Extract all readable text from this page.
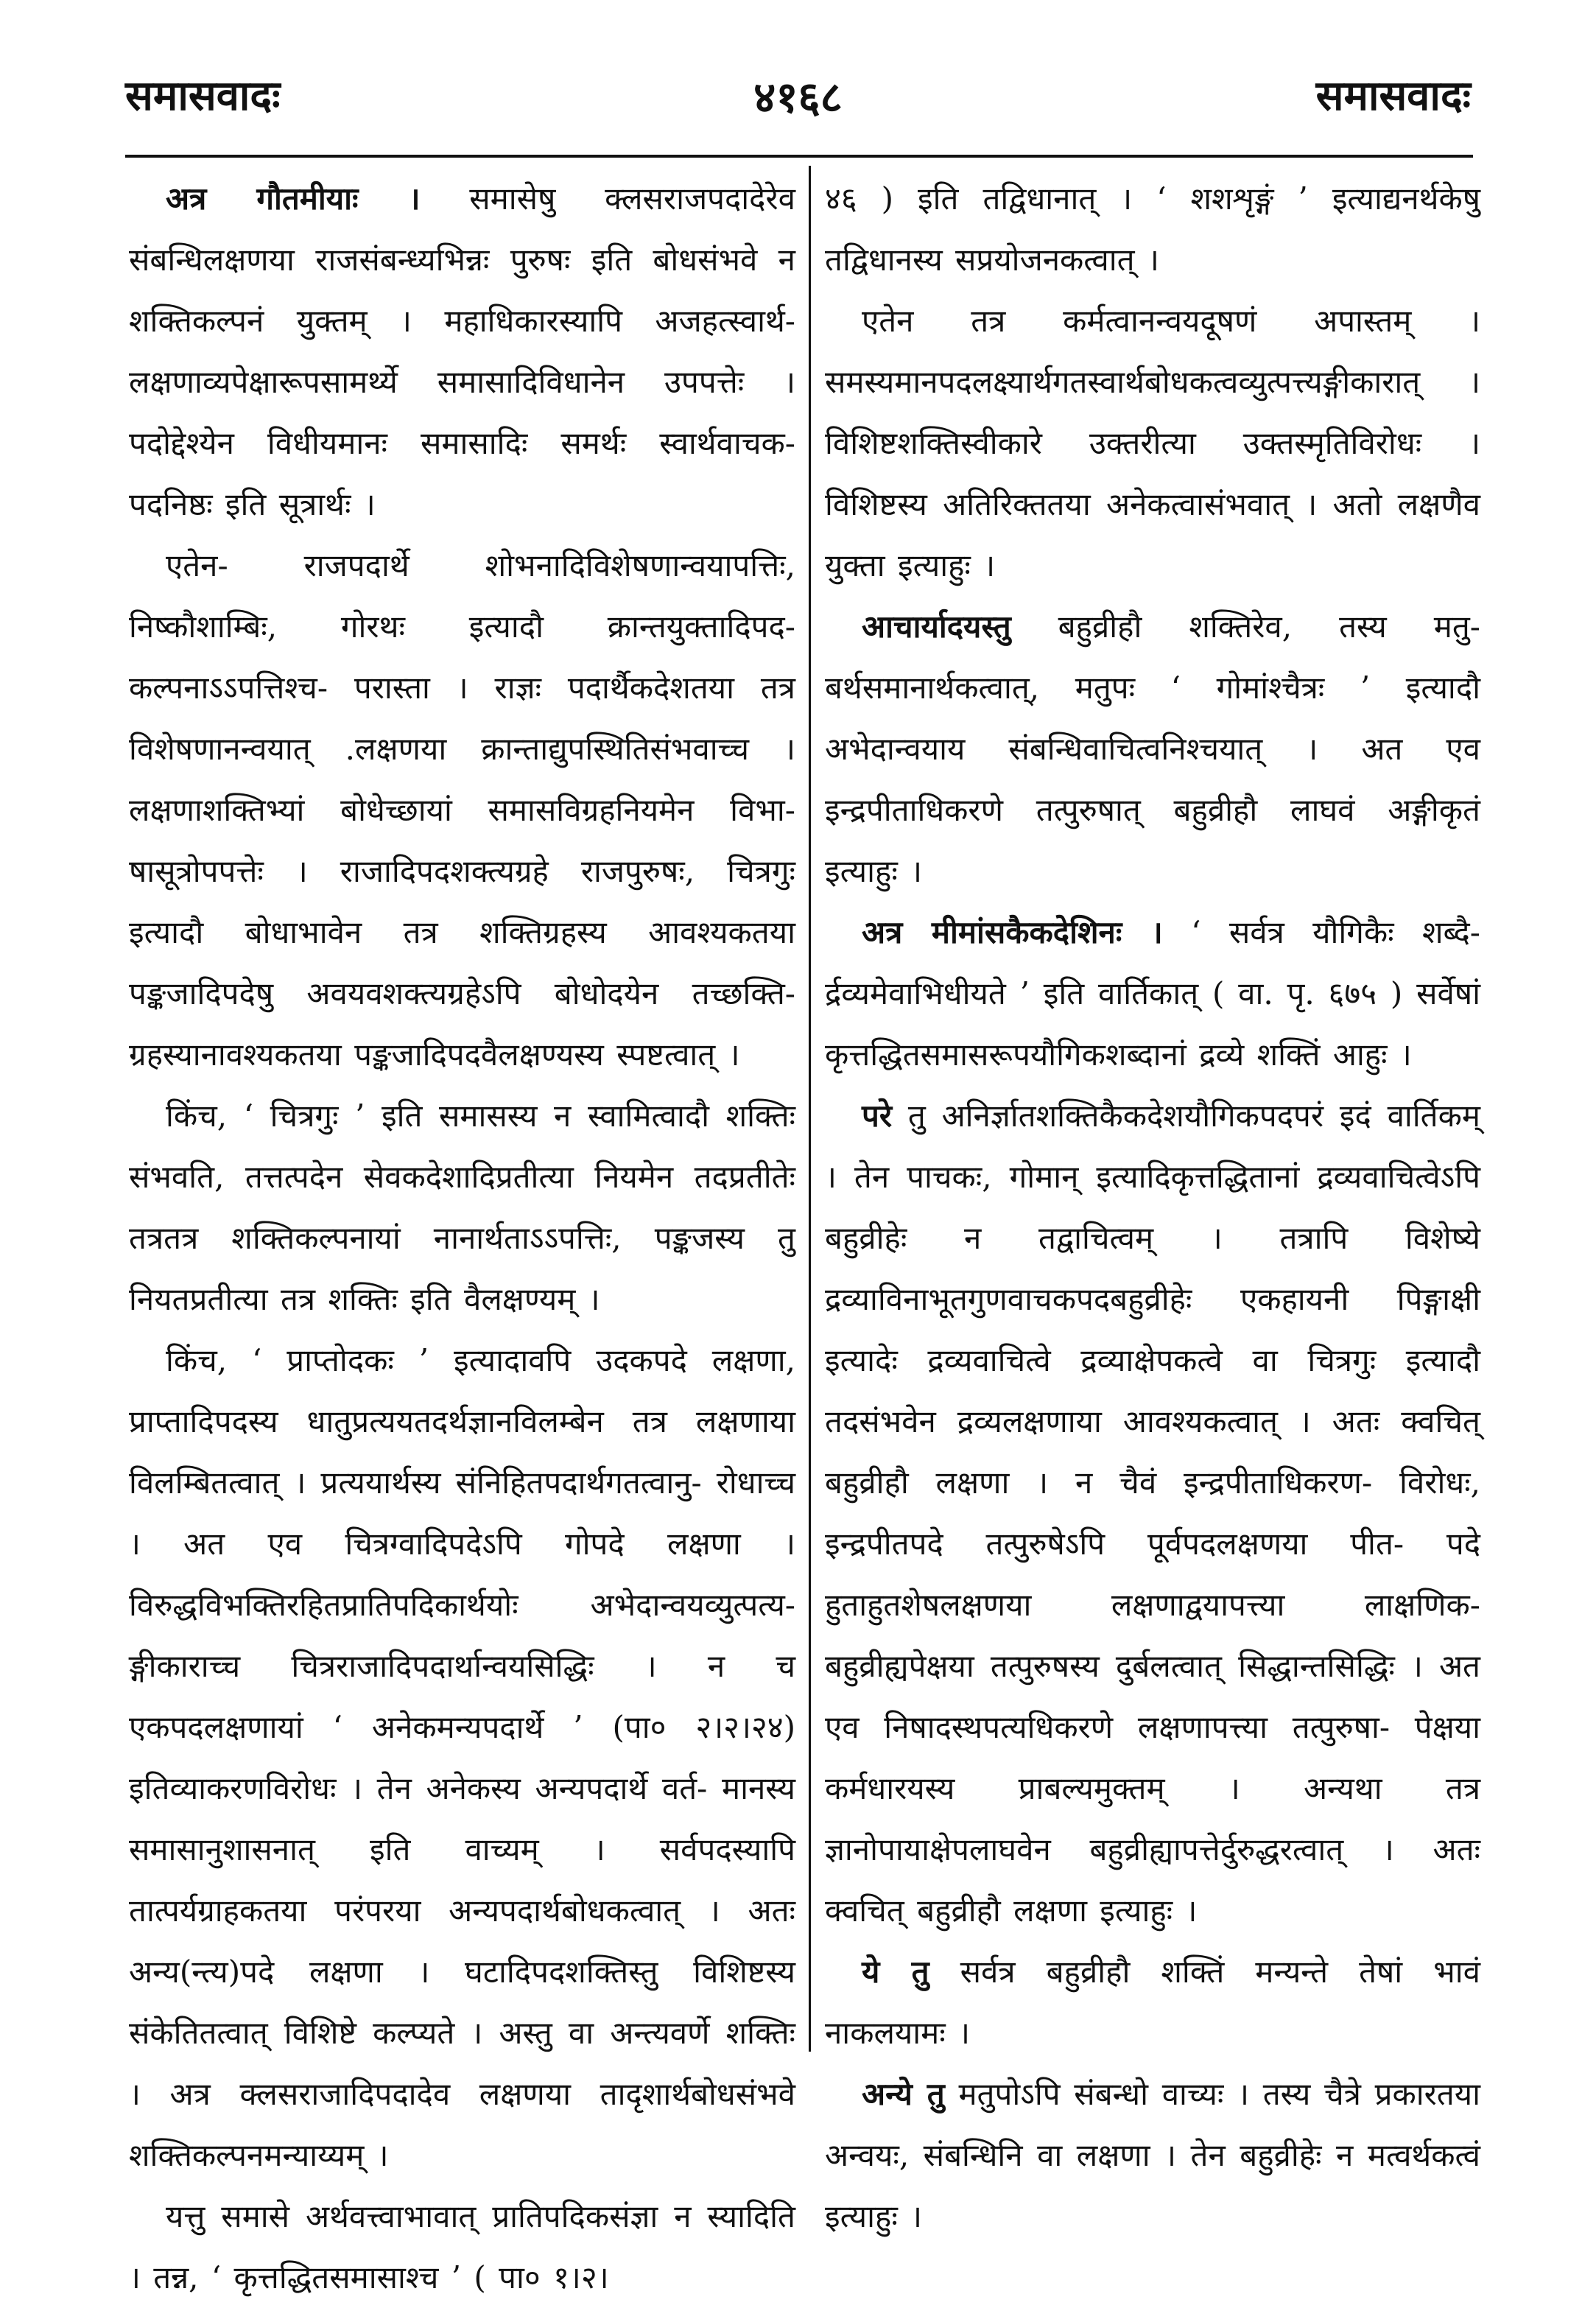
समासवादः	४१६८	समासवादः

अत्र गौतमीयाः । समासेषु क्लसराजपदादेरेव संबन्धिलक्षणया राजसंबन्ध्यभिन्नः पुरुषः इति बोधसंभवे न शक्तिकल्पनं युक्तम् । महाधिकारस्यापि अजहत्स्वार्थ- लक्षणाव्यपेक्षारूपसामर्थ्ये समासादिविधानेन उपपत्तेः । पदोद्देश्येन विधीयमानः समासादिः समर्थः स्वार्थवाचक- पदनिष्ठः इति सूत्रार्थः ।

एतेन- राजपदार्थे शोभनादिविशेषणान्वयापत्तिः, निष्कौशाम्बिः, गोरथः इत्यादौ क्रान्तयुक्तादिपद- कल्पनाऽऽपत्तिश्च- परास्ता । राज्ञः पदार्थैकदेशतया तत्र विशेषणानन्वयात् .लक्षणया क्रान्ताद्युपस्थितिसंभवाच्च । लक्षणाशक्तिभ्यां बोधेच्छायां समासविग्रहनियमेन विभा- षासूत्रोपपत्तेः । राजादिपदशक्त्यग्रहे राजपुरुषः, चित्रगुः इत्यादौ बोधाभावेन तत्र शक्तिग्रहस्य आवश्यकतया पङ्कजादिपदेषु अवयवशक्त्यग्रहेऽपि बोधोदयेन तच्छक्ति- ग्रहस्यानावश्यकतया पङ्कजादिपदवैलक्षण्यस्य स्पष्टत्वात् ।

किंच, ‘ चित्रगुः ’ इति समासस्य न स्वामित्वादौ शक्तिः संभवति, तत्तत्पदेन सेवकदेशादिप्रतीत्या नियमेन तदप्रतीतेः तत्रतत्र शक्तिकल्पनायां नानार्थताऽऽपत्तिः, पङ्कजस्य तु नियतप्रतीत्या तत्र शक्तिः इति वैलक्षण्यम् ।

किंच, ‘ प्राप्तोदकः ’ इत्यादावपि उदकपदे लक्षणा, प्राप्तादिपदस्य धातुप्रत्ययतदर्थज्ञानविलम्बेन तत्र लक्षणाया विलम्बितत्वात् । प्रत्ययार्थस्य संनिहितपदार्थगतत्वानु- रोधाच्च । अत एव चित्रग्वादिपदेऽपि गोपदे लक्षणा । विरुद्धविभक्तिरहितप्रातिपदिकार्थयोः अभेदान्वयव्युत्पत्य- ङ्गीकाराच्च चित्रराजादिपदार्थान्वयसिद्धिः । न च एकपदलक्षणायां ‘ अनेकमन्यपदार्थे ’ (पा० २।२।२४) इतिव्याकरणविरोधः । तेन अनेकस्य अन्यपदार्थे वर्त- मानस्य समासानुशासनात् इति वाच्यम् । सर्वपदस्यापि तात्पर्यग्राहकतया परंपरया अन्यपदार्थबोधकत्वात् । अतः अन्य(न्त्य)पदे लक्षणा । घटादिपदशक्तिस्तु विशिष्टस्य संकेतितत्वात् विशिष्टे कल्प्यते । अस्तु वा अन्त्यवर्णे शक्तिः । अत्र क्लसराजादिपदादेव लक्षणया तादृशार्थबोधसंभवे शक्तिकल्पनमन्याय्यम् ।

यत्तु समासे अर्थवत्त्वाभावात् प्रातिपदिकसंज्ञा न स्यादिति । तन्न, ‘ कृत्तद्धितसमासाश्च ’ ( पा० १।२।

४६ ) इति तद्विधानात् । ‘ शशशृङ्गं ’ इत्याद्यनर्थकेषु तद्विधानस्य सप्रयोजनकत्वात् ।

एतेन तत्र कर्मत्वानन्वयदूषणं अपास्तम् । समस्यमानपदलक्ष्यार्थगतस्वार्थबोधकत्वव्युत्पत्त्यङ्गीकारात् । विशिष्टशक्तिस्वीकारे उक्तरीत्या उक्तस्मृतिविरोधः । विशिष्टस्य अतिरिक्ततया अनेकत्वासंभवात् । अतो लक्षणैव युक्ता इत्याहुः ।

आचार्यादयस्तु बहुव्रीहौ शक्तिरेव, तस्य मतु- बर्थसमानार्थकत्वात्, मतुपः ‘ गोमांश्चैत्रः ’ इत्यादौ अभेदान्वयाय संबन्धिवाचित्वनिश्चयात् । अत एव इन्द्रपीताधिकरणे तत्पुरुषात् बहुव्रीहौ लाघवं अङ्गीकृतं इत्याहुः ।

अत्र मीमांसकैकदेशिनः । ‘ सर्वत्र यौगिकैः शब्दै- र्द्रव्यमेवाभिधीयते ’ इति वार्तिकात् ( वा. पृ. ६७५ ) सर्वेषां कृत्तद्धितसमासरूपयौगिकशब्दानां द्रव्ये शक्तिं आहुः ।

परे तु अनिर्ज्ञातशक्तिकैकदेशयौगिकपदपरं इदं वार्तिकम् । तेन पाचकः, गोमान् इत्यादिकृत्तद्धितानां द्रव्यवाचित्वेऽपि बहुव्रीहेः न तद्वाचित्वम् । तत्रापि विशेष्ये द्रव्याविनाभूतगुणवाचकपदबहुव्रीहेः एकहायनी पिङ्गाक्षी इत्यादेः द्रव्यवाचित्वे द्रव्याक्षेपकत्वे वा चित्रगुः इत्यादौ तदसंभवेन द्रव्यलक्षणाया आवश्यकत्वात् । अतः क्वचित् बहुव्रीहौ लक्षणा । न चैवं इन्द्रपीताधिकरण- विरोधः, इन्द्रपीतपदे तत्पुरुषेऽपि पूर्वपदलक्षणया पीत- पदे हुताहुतशेषलक्षणया लक्षणाद्वयापत्त्या लाक्षणिक- बहुव्रीह्यपेक्षया तत्पुरुषस्य दुर्बलत्वात् सिद्धान्तसिद्धिः । अत एव निषादस्थपत्यधिकरणे लक्षणापत्त्या तत्पुरुषा- पेक्षया कर्मधारयस्य प्राबल्यमुक्तम् । अन्यथा तत्र ज्ञानोपायाक्षेपलाघवेन बहुव्रीह्यापत्तेर्दुरुद्धरत्वात् । अतः क्वचित् बहुव्रीहौ लक्षणा इत्याहुः ।

ये तु सर्वत्र बहुव्रीहौ शक्तिं मन्यन्ते तेषां भावं नाकलयामः ।

अन्ये तु मतुपोऽपि संबन्धो वाच्यः । तस्य चैत्रे प्रकारतया अन्वयः, संबन्धिनि वा लक्षणा । तेन बहुव्रीहेः न मत्वर्थकत्वं इत्याहुः ।
